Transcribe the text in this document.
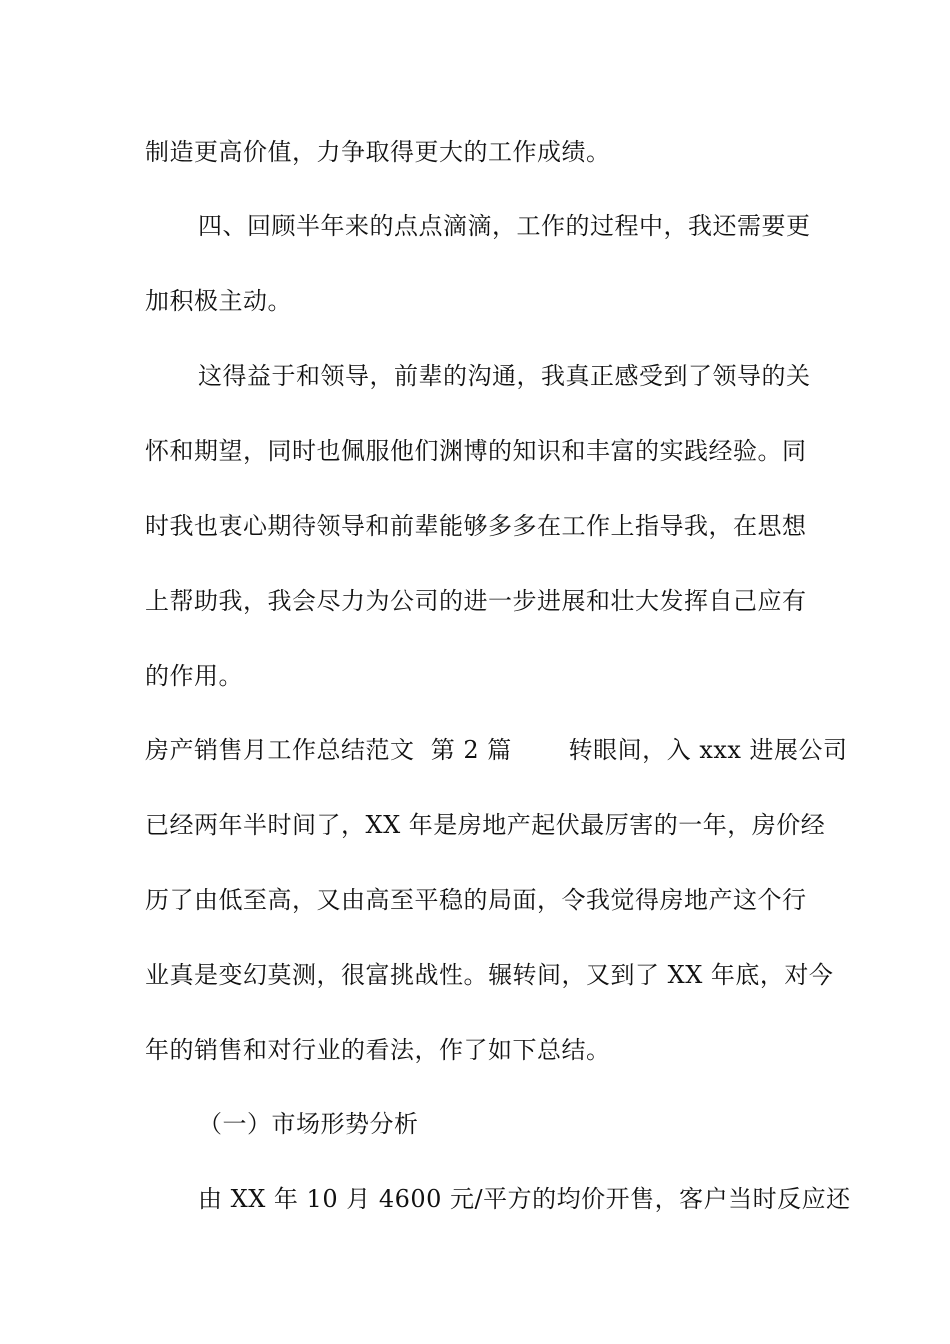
制造更高价值，力争取得更大的工作成绩。
四、回顾半年来的点点滴滴，工作的过程中，我还需要更
加积极主动。
这得益于和领导，前辈的沟通，我真正感受到了领导的关
怀和期望，同时也佩服他们渊博的知识和丰富的实践经验。同
时我也衷心期待领导和前辈能够多多在工作上指导我，在思想
上帮助我，我会尽力为公司的进一步进展和壮大发挥自己应有
的作用。
房产销售月工作总结范文  第 2 篇       转眼间，入 xxx 进展公司
已经两年半时间了，XX 年是房地产起伏最厉害的一年，房价经
历了由低至高，又由高至平稳的局面，令我觉得房地产这个行
业真是变幻莫测，很富挑战性。辗转间，又到了 XX 年底，对今
年的销售和对行业的看法，作了如下总结。
（一）市场形势分析
由 XX 年 10 月 4600 元/平方的均价开售，客户当时反应还
